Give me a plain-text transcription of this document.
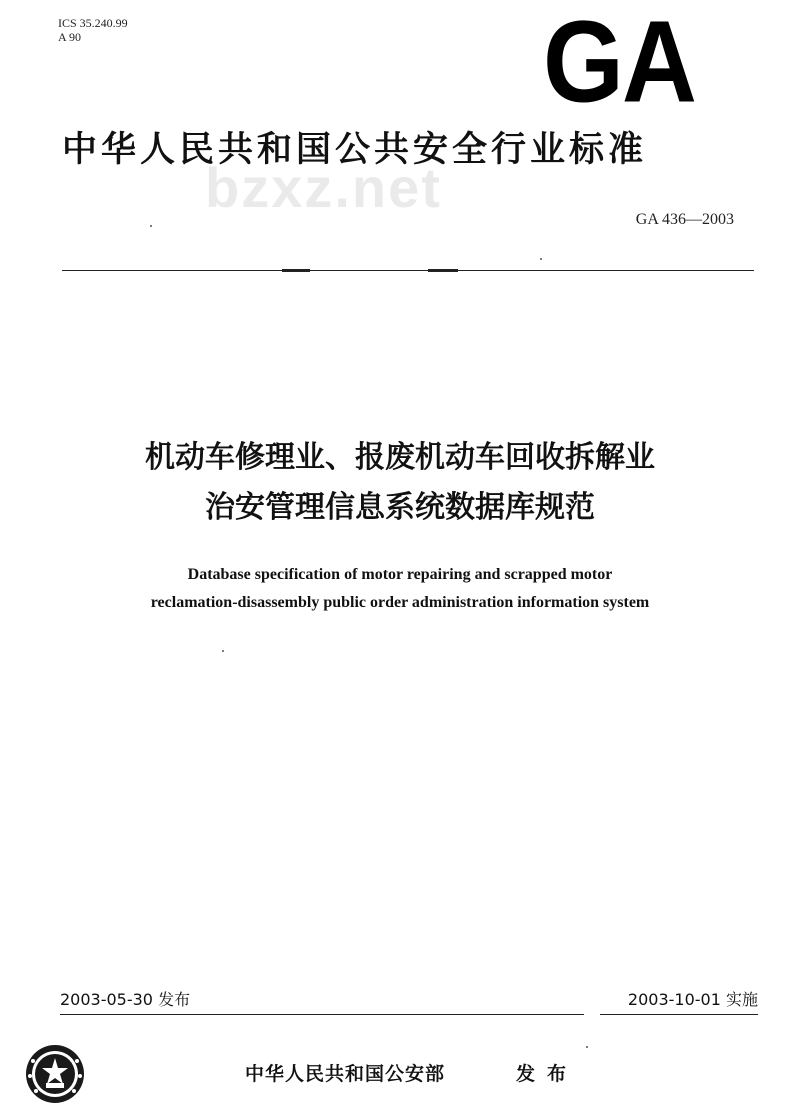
ICS 35.240.99
A 90	GA
中华人民共和国公共安全行业标准
bzxz.net
GA 436—2003
机动车修理业、报废机动车回收拆解业
治安管理信息系统数据库规范
Database specification of motor repairing and scrapped motor
reclamation-disassembly public order administration information system
2003-05-30 发布	2003-10-01 实施
中华人民共和国公安部	发布
